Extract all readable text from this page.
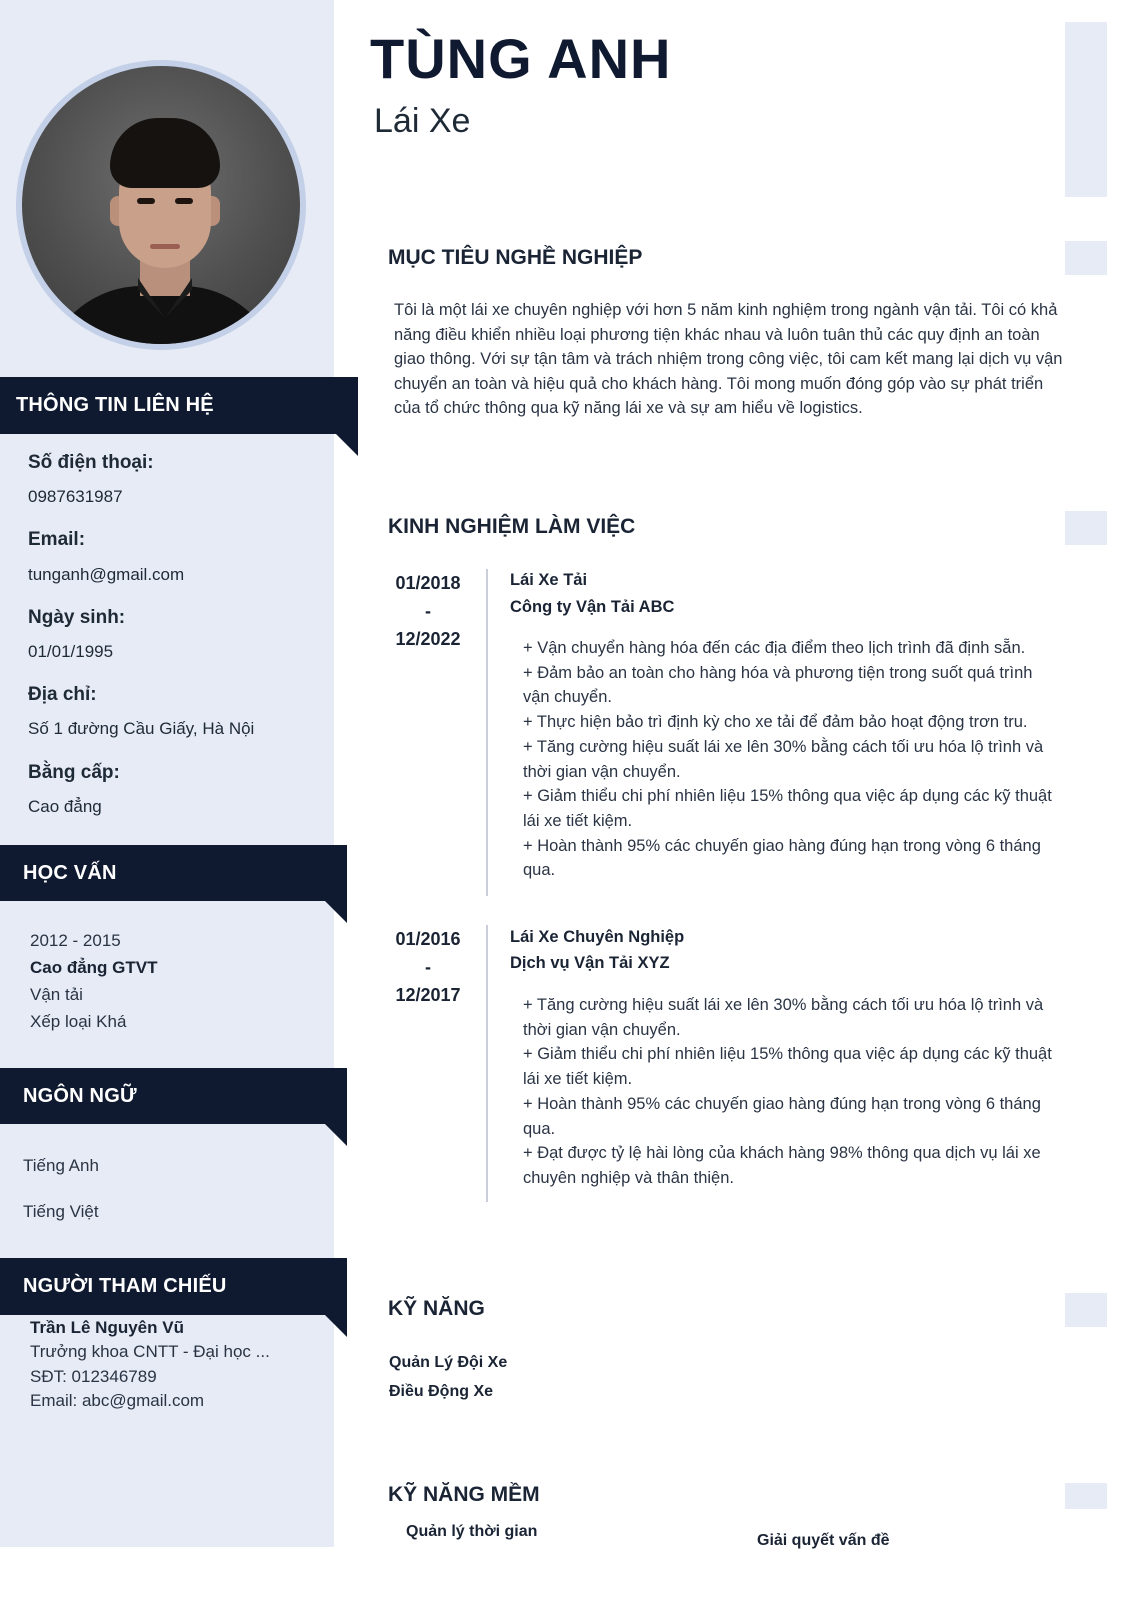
THÔNG TIN LIÊN HỆ
Số điện thoại:
0987631987
Email:
tunganh@gmail.com
Ngày sinh:
01/01/1995
Địa chỉ:
Số 1 đường Cầu Giấy, Hà Nội
Bằng cấp:
Cao đẳng
HỌC VẤN
2012 - 2015
Cao đẳng GTVT
Vận tải
Xếp loại Khá
NGÔN NGỮ
Tiếng Anh
Tiếng Việt
NGƯỜI THAM CHIẾU
Trần Lê Nguyên Vũ
Trưởng khoa CNTT - Đại học ...
SĐT: 012346789
Email: abc@gmail.com
TÙNG ANH
Lái Xe
MỤC TIÊU NGHỀ NGHIỆP
Tôi là một lái xe chuyên nghiệp với hơn 5 năm kinh nghiệm trong ngành vận tải. Tôi có khả năng điều khiển nhiều loại phương tiện khác nhau và luôn tuân thủ các quy định an toàn giao thông. Với sự tận tâm và trách nhiệm trong công việc, tôi cam kết mang lại dịch vụ vận chuyển an toàn và hiệu quả cho khách hàng. Tôi mong muốn đóng góp vào sự phát triển của tổ chức thông qua kỹ năng lái xe và sự am hiểu về logistics.
KINH NGHIỆM LÀM VIỆC
01/2018
-
12/2022
Lái Xe Tải
Công ty Vận Tải ABC
+ Vận chuyển hàng hóa đến các địa điểm theo lịch trình đã định sẵn.
+ Đảm bảo an toàn cho hàng hóa và phương tiện trong suốt quá trình vận chuyển.
+ Thực hiện bảo trì định kỳ cho xe tải để đảm bảo hoạt động trơn tru.
+ Tăng cường hiệu suất lái xe lên 30% bằng cách tối ưu hóa lộ trình và thời gian vận chuyển.
+ Giảm thiểu chi phí nhiên liệu 15% thông qua việc áp dụng các kỹ thuật lái xe tiết kiệm.
+ Hoàn thành 95% các chuyến giao hàng đúng hạn trong vòng 6 tháng qua.
01/2016
-
12/2017
Lái Xe Chuyên Nghiệp
Dịch vụ Vận Tải XYZ
+ Tăng cường hiệu suất lái xe lên 30% bằng cách tối ưu hóa lộ trình và thời gian vận chuyển.
+ Giảm thiểu chi phí nhiên liệu 15% thông qua việc áp dụng các kỹ thuật lái xe tiết kiệm.
+ Hoàn thành 95% các chuyến giao hàng đúng hạn trong vòng 6 tháng qua.
+ Đạt được tỷ lệ hài lòng của khách hàng 98% thông qua dịch vụ lái xe chuyên nghiệp và thân thiện.
KỸ NĂNG
Quản Lý Đội Xe
Điều Động Xe
KỸ NĂNG MỀM
Quản lý thời gian
Giải quyết vấn đề
